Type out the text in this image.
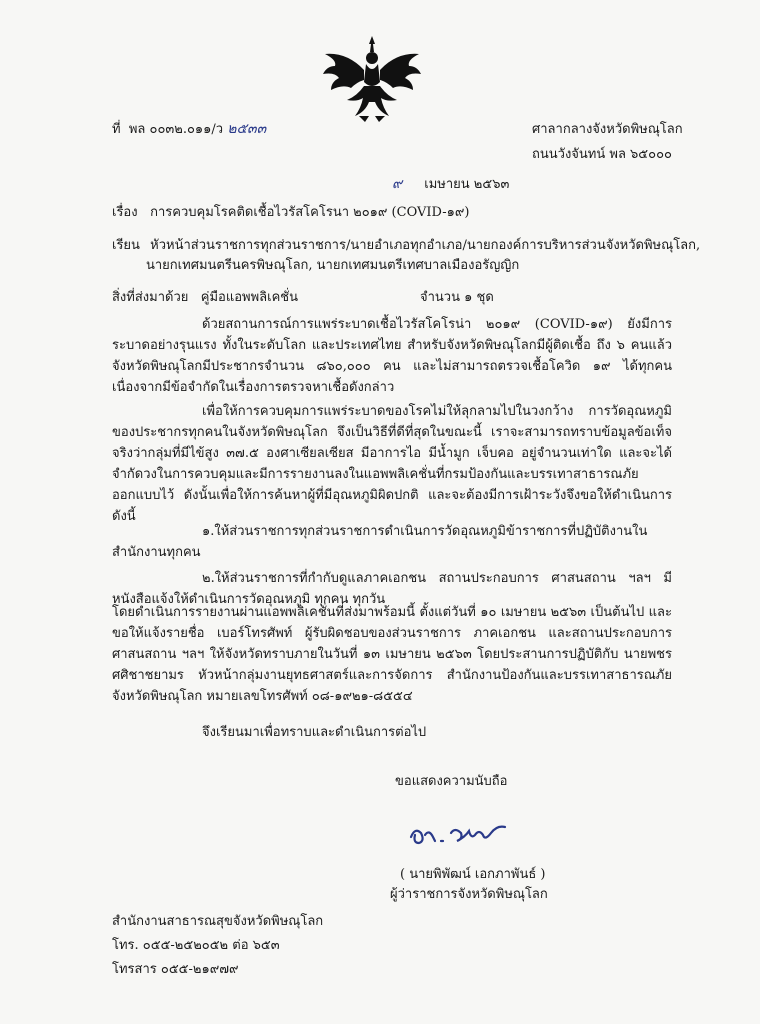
ที่ พล ๐๐๓๒.๐๑๑/ว ๒๕๓๓	ศาลากลางจังหวัดพิษณุโลก
ถนนวังจันทน์ พล ๖๕๐๐๐
๙ เมษายน ๒๕๖๓
เรื่อง การควบคุมโรคติดเชื้อไวรัสโคโรนา ๒๐๑๙ (COVID-๑๙)
เรียน หัวหน้าส่วนราชการทุกส่วนราชการ/นายอำเภอทุกอำเภอ/นายกองค์การบริหารส่วนจังหวัดพิษณุโลก,
นายกเทศมนตรีนครพิษณุโลก, นายกเทศมนตรีเทศบาลเมืองอรัญญิก
สิ่งที่ส่งมาด้วย คู่มือแอพพลิเคชั่น	จำนวน ๑ ชุด
ด้วยสถานการณ์การแพร่ระบาดเชื้อไวรัสโคโรน่า ๒๐๑๙ (COVID-๑๙) ยังมีการระบาดอย่างรุนแรง ทั้งในระดับโลก และประเทศไทย สำหรับจังหวัดพิษณุโลกมีผู้ติดเชื้อ ถึง ๖ คนแล้ว จังหวัดพิษณุโลกมีประชากรจำนวน ๘๖๐,๐๐๐ คน และไม่สามารถตรวจเชื้อโควิด ๑๙ ได้ทุกคน เนื่องจากมีข้อจำกัดในเรื่องการตรวจหาเชื้อดังกล่าว
เพื่อให้การควบคุมการแพร่ระบาดของโรคไม่ให้ลุกลามไปในวงกว้าง การวัดอุณหภูมิของประชากรทุกคนในจังหวัดพิษณุโลก จึงเป็นวิธีที่ดีที่สุดในขณะนี้ เราจะสามารถทราบข้อมูลข้อเท็จจริงว่ากลุ่มที่มีไข้สูง ๓๗.๕ องศาเซียลเซียส มีอาการไอ มีน้ำมูก เจ็บคอ อยู่จำนวนเท่าใด และจะได้จำกัดวงในการควบคุมและมีการรายงานลงในแอพพลิเคชั่นที่กรมป้องกันและบรรเทาสาธารณภัย ออกแบบไว้ ดังนั้นเพื่อให้การค้นหาผู้ที่มีอุณหภูมิผิดปกติ และจะต้องมีการเฝ้าระวังจึงขอให้ดำเนินการดังนี้
๑.ให้ส่วนราชการทุกส่วนราชการดำเนินการวัดอุณหภูมิข้าราชการที่ปฏิบัติงานในสำนักงานทุกคน
๒.ให้ส่วนราชการที่กำกับดูแลภาคเอกชน สถานประกอบการ ศาสนสถาน ฯลฯ มีหนังสือแจ้งให้ดำเนินการวัดอุณหภูมิ ทุกคน ทุกวัน
โดยดำเนินการรายงานผ่านแอพพลิเคชั่นที่ส่งมาพร้อมนี้ ตั้งแต่วันที่ ๑๐ เมษายน ๒๕๖๓ เป็นต้นไป และขอให้แจ้งรายชื่อ เบอร์โทรศัพท์ ผู้รับผิดชอบของส่วนราชการ ภาคเอกชน และสถานประกอบการ ศาสนสถาน ฯลฯ ให้จังหวัดทราบภายในวันที่ ๑๓ เมษายน ๒๕๖๓ โดยประสานการปฏิบัติกับ นายพชร ศศิชาชยามร หัวหน้ากลุ่มงานยุทธศาสตร์และการจัดการ สำนักงานป้องกันและบรรเทาสาธารณภัยจังหวัดพิษณุโลก หมายเลขโทรศัพท์ ๐๘-๑๙๒๑-๘๕๕๔
จึงเรียนมาเพื่อทราบและดำเนินการต่อไป
ขอแสดงความนับถือ
( นายพิพัฒน์ เอกภาพันธ์ )
ผู้ว่าราชการจังหวัดพิษณุโลก
สำนักงานสาธารณสุขจังหวัดพิษณุโลก
โทร. ๐๕๕-๒๕๒๐๕๒ ต่อ ๖๕๓
โทรสาร ๐๕๕-๒๑๙๗๙
